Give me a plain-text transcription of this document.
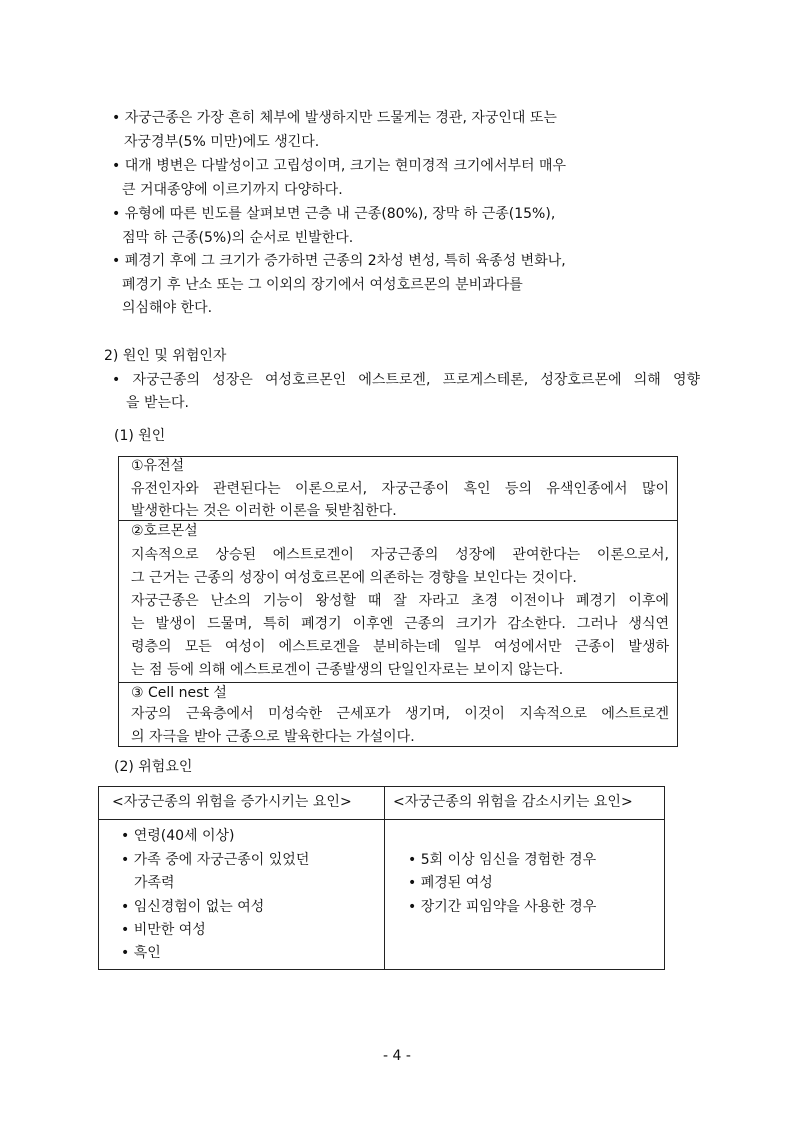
• 자궁근종은 가장 흔히 체부에 발생하지만 드물게는 경관, 자궁인대 또는
자궁경부(5% 미만)에도 생긴다.
• 대개 병변은 다발성이고 고립성이며, 크기는 현미경적 크기에서부터 매우
큰 거대종양에 이르기까지 다양하다.
• 유형에 따른 빈도를 살펴보면 근층 내 근종(80%), 장막 하 근종(15%),
점막 하 근종(5%)의 순서로 빈발한다.
• 폐경기 후에 그 크기가 증가하면 근종의 2차성 변성, 특히 육종성 변화나,
폐경기 후 난소 또는 그 이외의 장기에서 여성호르몬의 분비과다를
의심해야 한다.
2) 원인 및 위험인자
• 자궁근종의 성장은 여성호르몬인 에스트로겐, 프로게스테론, 성장호르몬에 의해 영향
을 받는다.
(1) 원인
①유전설
유전인자와 관련된다는 이론으로서, 자궁근종이 흑인 등의 유색인종에서 많이
발생한다는 것은 이러한 이론을 뒷받침한다.
②호르몬설
지속적으로 상승된 에스트로겐이 자궁근종의 성장에 관여한다는 이론으로서,
그 근거는 근종의 성장이 여성호르몬에 의존하는 경향을 보인다는 것이다.
자궁근종은 난소의 기능이 왕성할 때 잘 자라고 초경 이전이나 폐경기 이후에
는 발생이 드물며, 특히 폐경기 이후엔 근종의 크기가 감소한다. 그러나 생식연
령층의 모든 여성이 에스트로겐을 분비하는데 일부 여성에서만 근종이 발생하
는 점 등에 의해 에스트로겐이 근종발생의 단일인자로는 보이지 않는다.
③ Cell nest 설
자궁의 근육층에서 미성숙한 근세포가 생기며, 이것이 지속적으로 에스트로겐
의 자극을 받아 근종으로 발육한다는 가설이다.
(2) 위험요인
<자궁근종의 위험을 증가시키는 요인>	<자궁근종의 위험을 감소시키는 요인>
• 연령(40세 이상)
• 가족 중에 자궁근종이 있었던
가족력
• 임신경험이 없는 여성
• 비만한 여성
• 흑인
• 5회 이상 임신을 경험한 경우
• 폐경된 여성
• 장기간 피임약을 사용한 경우
- 4 -
